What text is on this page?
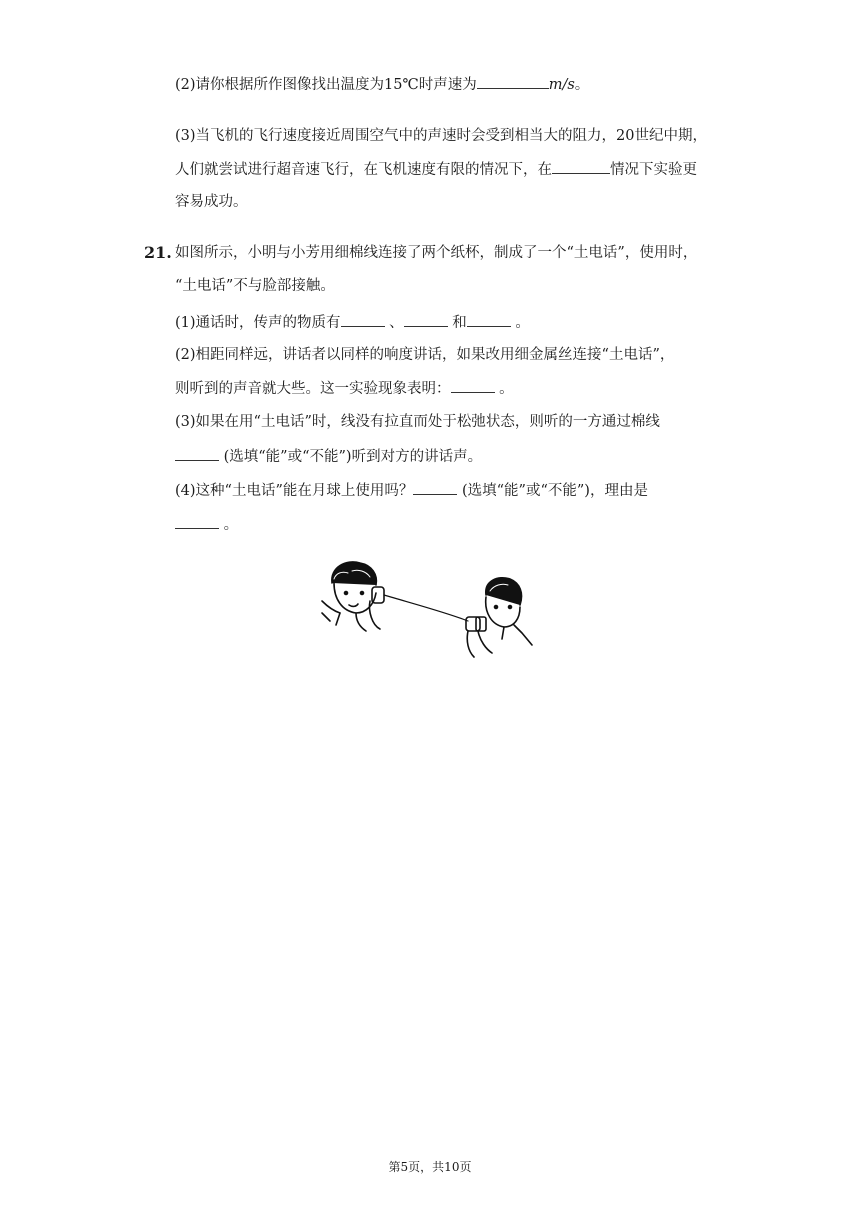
(2)请你根据所作图像找出温度为15℃时声速为	m/s。
(3)当飞机的飞行速度接近周围空气中的声速时会受到相当大的阻力，20世纪中期，
人们就尝试进行超音速飞行，在飞机速度有限的情况下，在	情况下实验更
容易成功。
21. 如图所示，小明与小芳用细棉线连接了两个纸杯，制成了一个“土电话”，使用时，
“土电话”不与脸部接触。
(1)通话时，传声的物质有	、	和	。
(2)相距同样远，讲话者以同样的响度讲话，如果改用细金属丝连接“土电话”，
则听到的声音就大些。这一实验现象表明：	。
(3)如果在用“土电话”时，线没有拉直而处于松弛状态，则听的一方通过棉线
(选填“能”或“不能”)听到对方的讲话声。
(4)这种“土电话”能在月球上使用吗？	(选填“能”或“不能”)，理由是
。
第5页，共10页
